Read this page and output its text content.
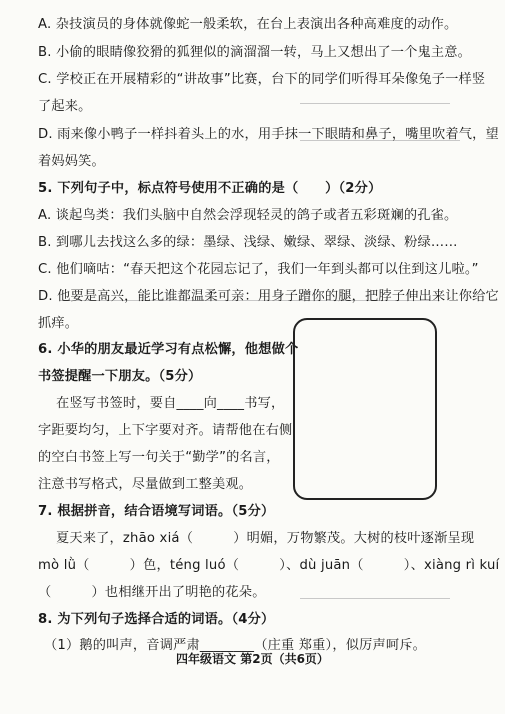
A. 杂技演员的身体就像蛇一般柔软，在台上表演出各种高难度的动作。
B. 小偷的眼睛像狡猾的狐狸似的滴溜溜一转，马上又想出了一个鬼主意。
C. 学校正在开展精彩的“讲故事”比赛，台下的同学们听得耳朵像兔子一样竖
了起来。
D. 雨来像小鸭子一样抖着头上的水，用手抹一下眼睛和鼻子，嘴里吹着气，望
着妈妈笑。
5. 下列句子中，标点符号使用不正确的是（　　）（2分）
A. 谈起鸟类：我们头脑中自然会浮现轻灵的鸽子或者五彩斑斓的孔雀。
B. 到哪儿去找这么多的绿：墨绿、浅绿、嫩绿、翠绿、淡绿、粉绿……
C. 他们嘀咕：“春天把这个花园忘记了，我们一年到头都可以住到这儿啦。”
D. 他要是高兴，能比谁都温柔可亲：用身子蹭你的腿，把脖子伸出来让你给它
抓痒。
6. 小华的朋友最近学习有点松懈，他想做个
书签提醒一下朋友。（5分）
在竖写书签时，要自____向____书写，
字距要均匀，上下字要对齐。请帮他在右侧
的空白书签上写一句关于“勤学”的名言，
注意书写格式，尽量做到工整美观。
7. 根据拼音，结合语境写词语。（5分）
夏天来了，zhāo xiá（　　　）明媚，万物繁茂。大树的枝叶逐渐呈现
mò lǜ（　　　）色，téng luó（　　　）、dù juān（　　　）、xiàng rì kuí
（　　　）也相继开出了明艳的花朵。
8. 为下列句子选择合适的词语。（4分）
（1）鹅的叫声，音调严肃________（庄重 郑重），似厉声呵斥。
四年级语文 第2页（共6页）
